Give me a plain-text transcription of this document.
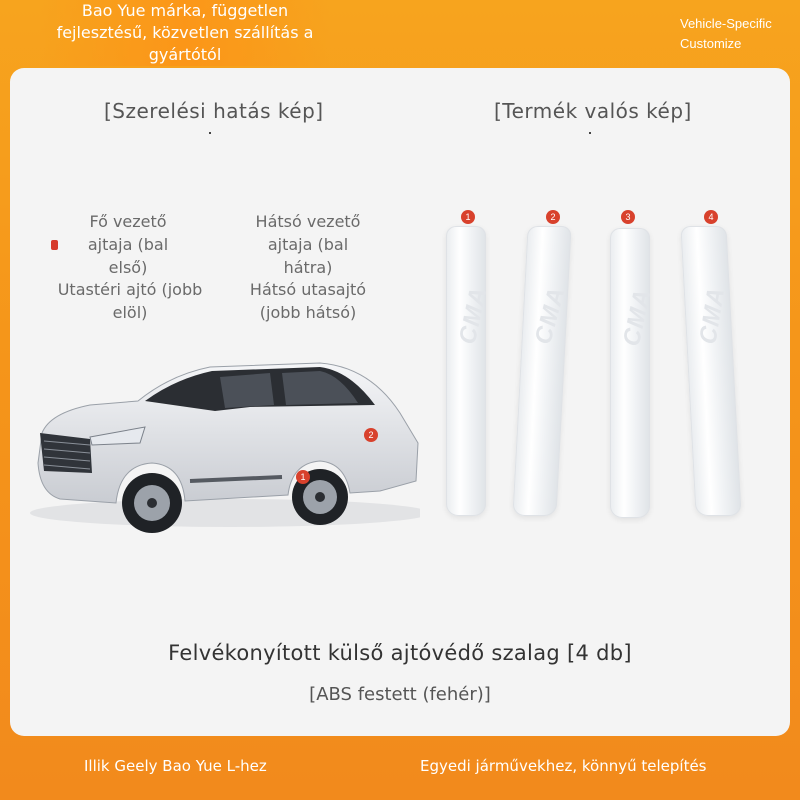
Bao Yue márka, független
fejlesztésű, közvetlen szállítás a
gyártótól
Vehicle-Specific
Customize
[Szerelési hatás kép]	[Termék valós kép]
Fő vezető
ajtaja (bal
első)
Utastéri ajtó (jobb
elöl)
Hátsó vezető
ajtaja (bal
hátra)
Hátsó utasajtó
(jobb hátsó)
1
2
1	2	3	4
CMA CMA CMA CMA
Felvékonyított külső ajtóvédő szalag [4 db]
[ABS festett (fehér)]
Illik Geely Bao Yue L-hez	Egyedi járművekhez, könnyű telepítés
